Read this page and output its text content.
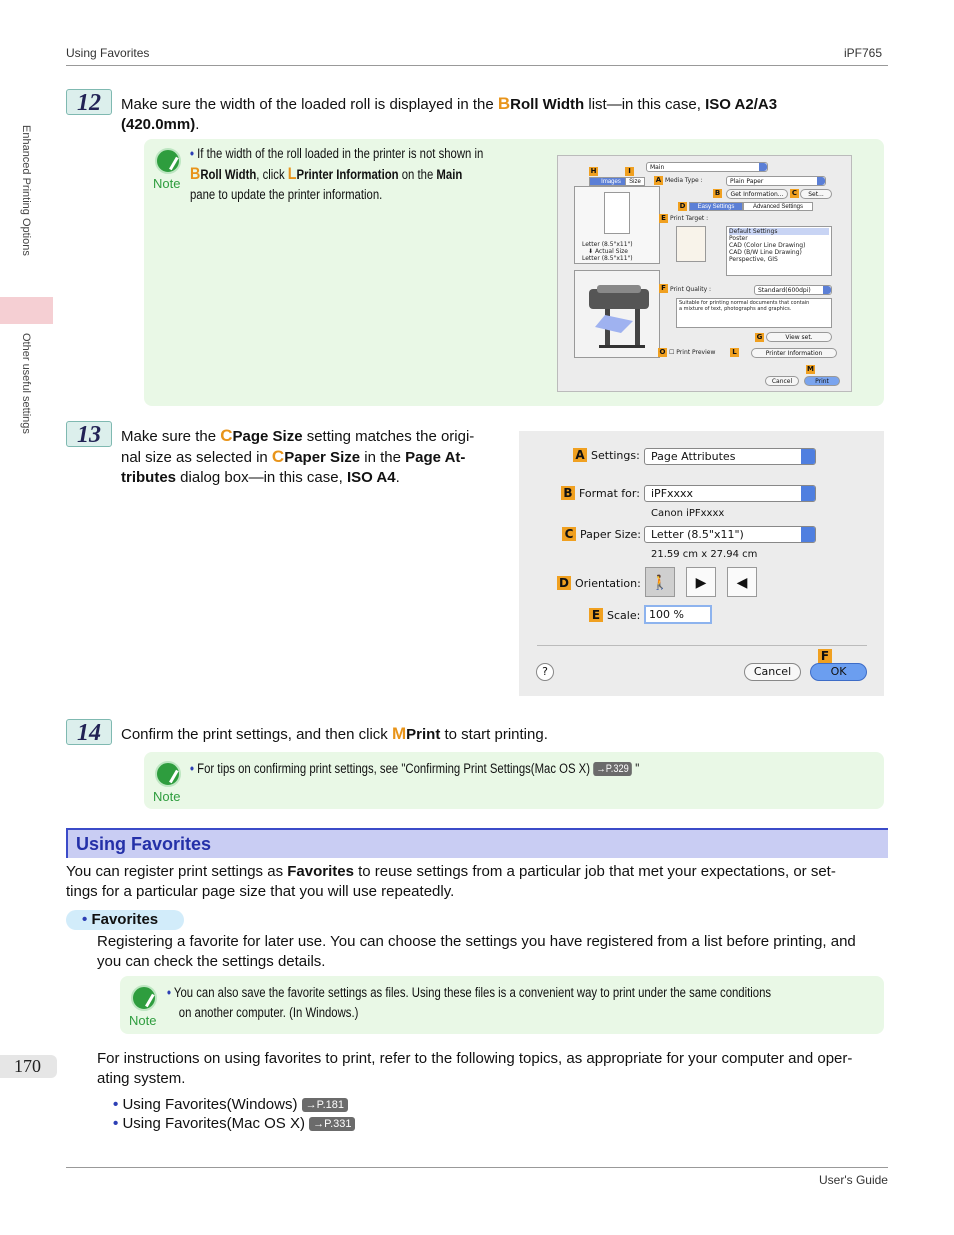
Using Favorites	iPF765
Enhanced Printing Options
Other useful settings
12	Make sure the width of the loaded roll is displayed in the BRoll Width list—in this case, ISO A2/A3
(420.0mm).
Note
• If the width of the roll loaded in the printer is not shown in
BRoll Width, click LPrinter Information on the Main
pane to update the printer information.
Main
H	I
Images	Size
Letter (8.5"x11")
⬇ Actual Size
Letter (8.5"x11")
A Media Type :	Plain Paper
B	Get Information...	C	Set...
D	Easy Settings	Advanced Settings
E Print Target :
Default Settings
Poster
CAD (Color Line Drawing)
CAD (B/W Line Drawing)
Perspective, GIS
F Print Quality :	Standard(600dpi)
Suitable for printing normal documents that contain
a mixture of text, photographs and graphics.
G	View set.
O ☐ Print Preview	L	Printer Information
M
Cancel	Print
13	Make sure the CPage Size setting matches the origi-
nal size as selected in CPaper Size in the Page At-
tributes dialog box—in this case, ISO A4.
A Settings:	Page Attributes
B Format for:	iPFxxxx
Canon iPFxxxx
C Paper Size: Letter (8.5"x11")
21.59 cm x 27.94 cm
D Orientation: 🚶	▶	◀
E Scale: 100 %
?	Cancel
F
OK
14	Confirm the print settings, and then click MPrint to start printing.
Note
• For tips on confirming print settings, see "Confirming Print Settings(Mac OS X) →P.329 "
Using Favorites
You can register print settings as Favorites to reuse settings from a particular job that met your expectations, or set-
tings for a particular page size that you will use repeatedly.
• Favorites
Registering a favorite for later use. You can choose the settings you have registered from a list before printing, and
you can check the settings details.
Note
• You can also save the favorite settings as files. Using these files is a convenient way to print under the same conditions
on another computer. (In Windows.)
170	For instructions on using favorites to print, refer to the following topics, as appropriate for your computer and oper-
ating system.
• Using Favorites(Windows) →P.181
• Using Favorites(Mac OS X) →P.331
User's Guide
